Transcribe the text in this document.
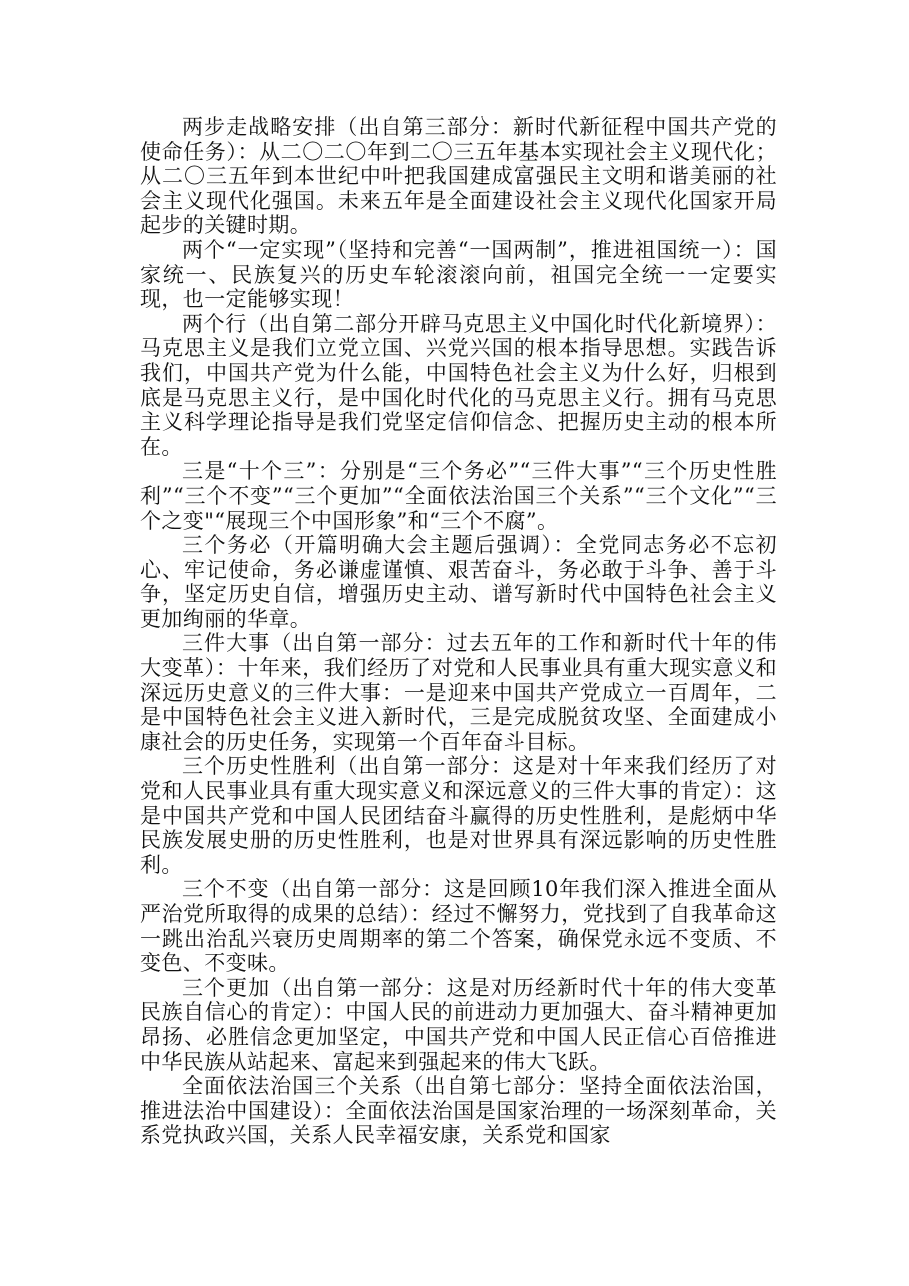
两步走战略安排（出自第三部分：新时代新征程中国共产党的使命任务）：从二〇二〇年到二〇三五年基本实现社会主义现代化；从二〇三五年到本世纪中叶把我国建成富强民主文明和谐美丽的社会主义现代化强国。未来五年是全面建设社会主义现代化国家开局起步的关键时期。

两个“一定实现”（坚持和完善“一国两制”，推进祖国统一）：国家统一、民族复兴的历史车轮滚滚向前，祖国完全统一一定要实现，也一定能够实现！

两个行（出自第二部分开辟马克思主义中国化时代化新境界）：马克思主义是我们立党立国、兴党兴国的根本指导思想。实践告诉我们，中国共产党为什么能，中国特色社会主义为什么好，归根到底是马克思主义行，是中国化时代化的马克思主义行。拥有马克思主义科学理论指导是我们党坚定信仰信念、把握历史主动的根本所在。

三是“十个三”：分别是“三个务必”“三件大事”“三个历史性胜利”“三个不变”“三个更加”“全面依法治国三个关系”“三个文化”“三个之变"“展现三个中国形象”和“三个不腐”。

三个务必（开篇明确大会主题后强调）：全党同志务必不忘初心、牢记使命，务必谦虚谨慎、艰苦奋斗，务必敢于斗争、善于斗争，坚定历史自信，增强历史主动、谱写新时代中国特色社会主义更加绚丽的华章。

三件大事（出自第一部分：过去五年的工作和新时代十年的伟大变革）：十年来，我们经历了对党和人民事业具有重大现实意义和深远历史意义的三件大事：一是迎来中国共产党成立一百周年，二是中国特色社会主义进入新时代，三是完成脱贫攻坚、全面建成小康社会的历史任务，实现第一个百年奋斗目标。

三个历史性胜利（出自第一部分：这是对十年来我们经历了对党和人民事业具有重大现实意义和深远意义的三件大事的肯定）：这是中国共产党和中国人民团结奋斗赢得的历史性胜利，是彪炳中华民族发展史册的历史性胜利，也是对世界具有深远影响的历史性胜利。

三个不变（出自第一部分：这是回顾10年我们深入推进全面从严治党所取得的成果的总结）：经过不懈努力，党找到了自我革命这一跳出治乱兴衰历史周期率的第二个答案，确保党永远不变质、不变色、不变味。

三个更加（出自第一部分：这是对历经新时代十年的伟大变革民族自信心的肯定）：中国人民的前进动力更加强大、奋斗精神更加昂扬、必胜信念更加坚定，中国共产党和中国人民正信心百倍推进中华民族从站起来、富起来到强起来的伟大飞跃。

全面依法治国三个关系（出自第七部分：坚持全面依法治国，推进法治中国建设）：全面依法治国是国家治理的一场深刻革命，关系党执政兴国，关系人民幸福安康，关系党和国家
